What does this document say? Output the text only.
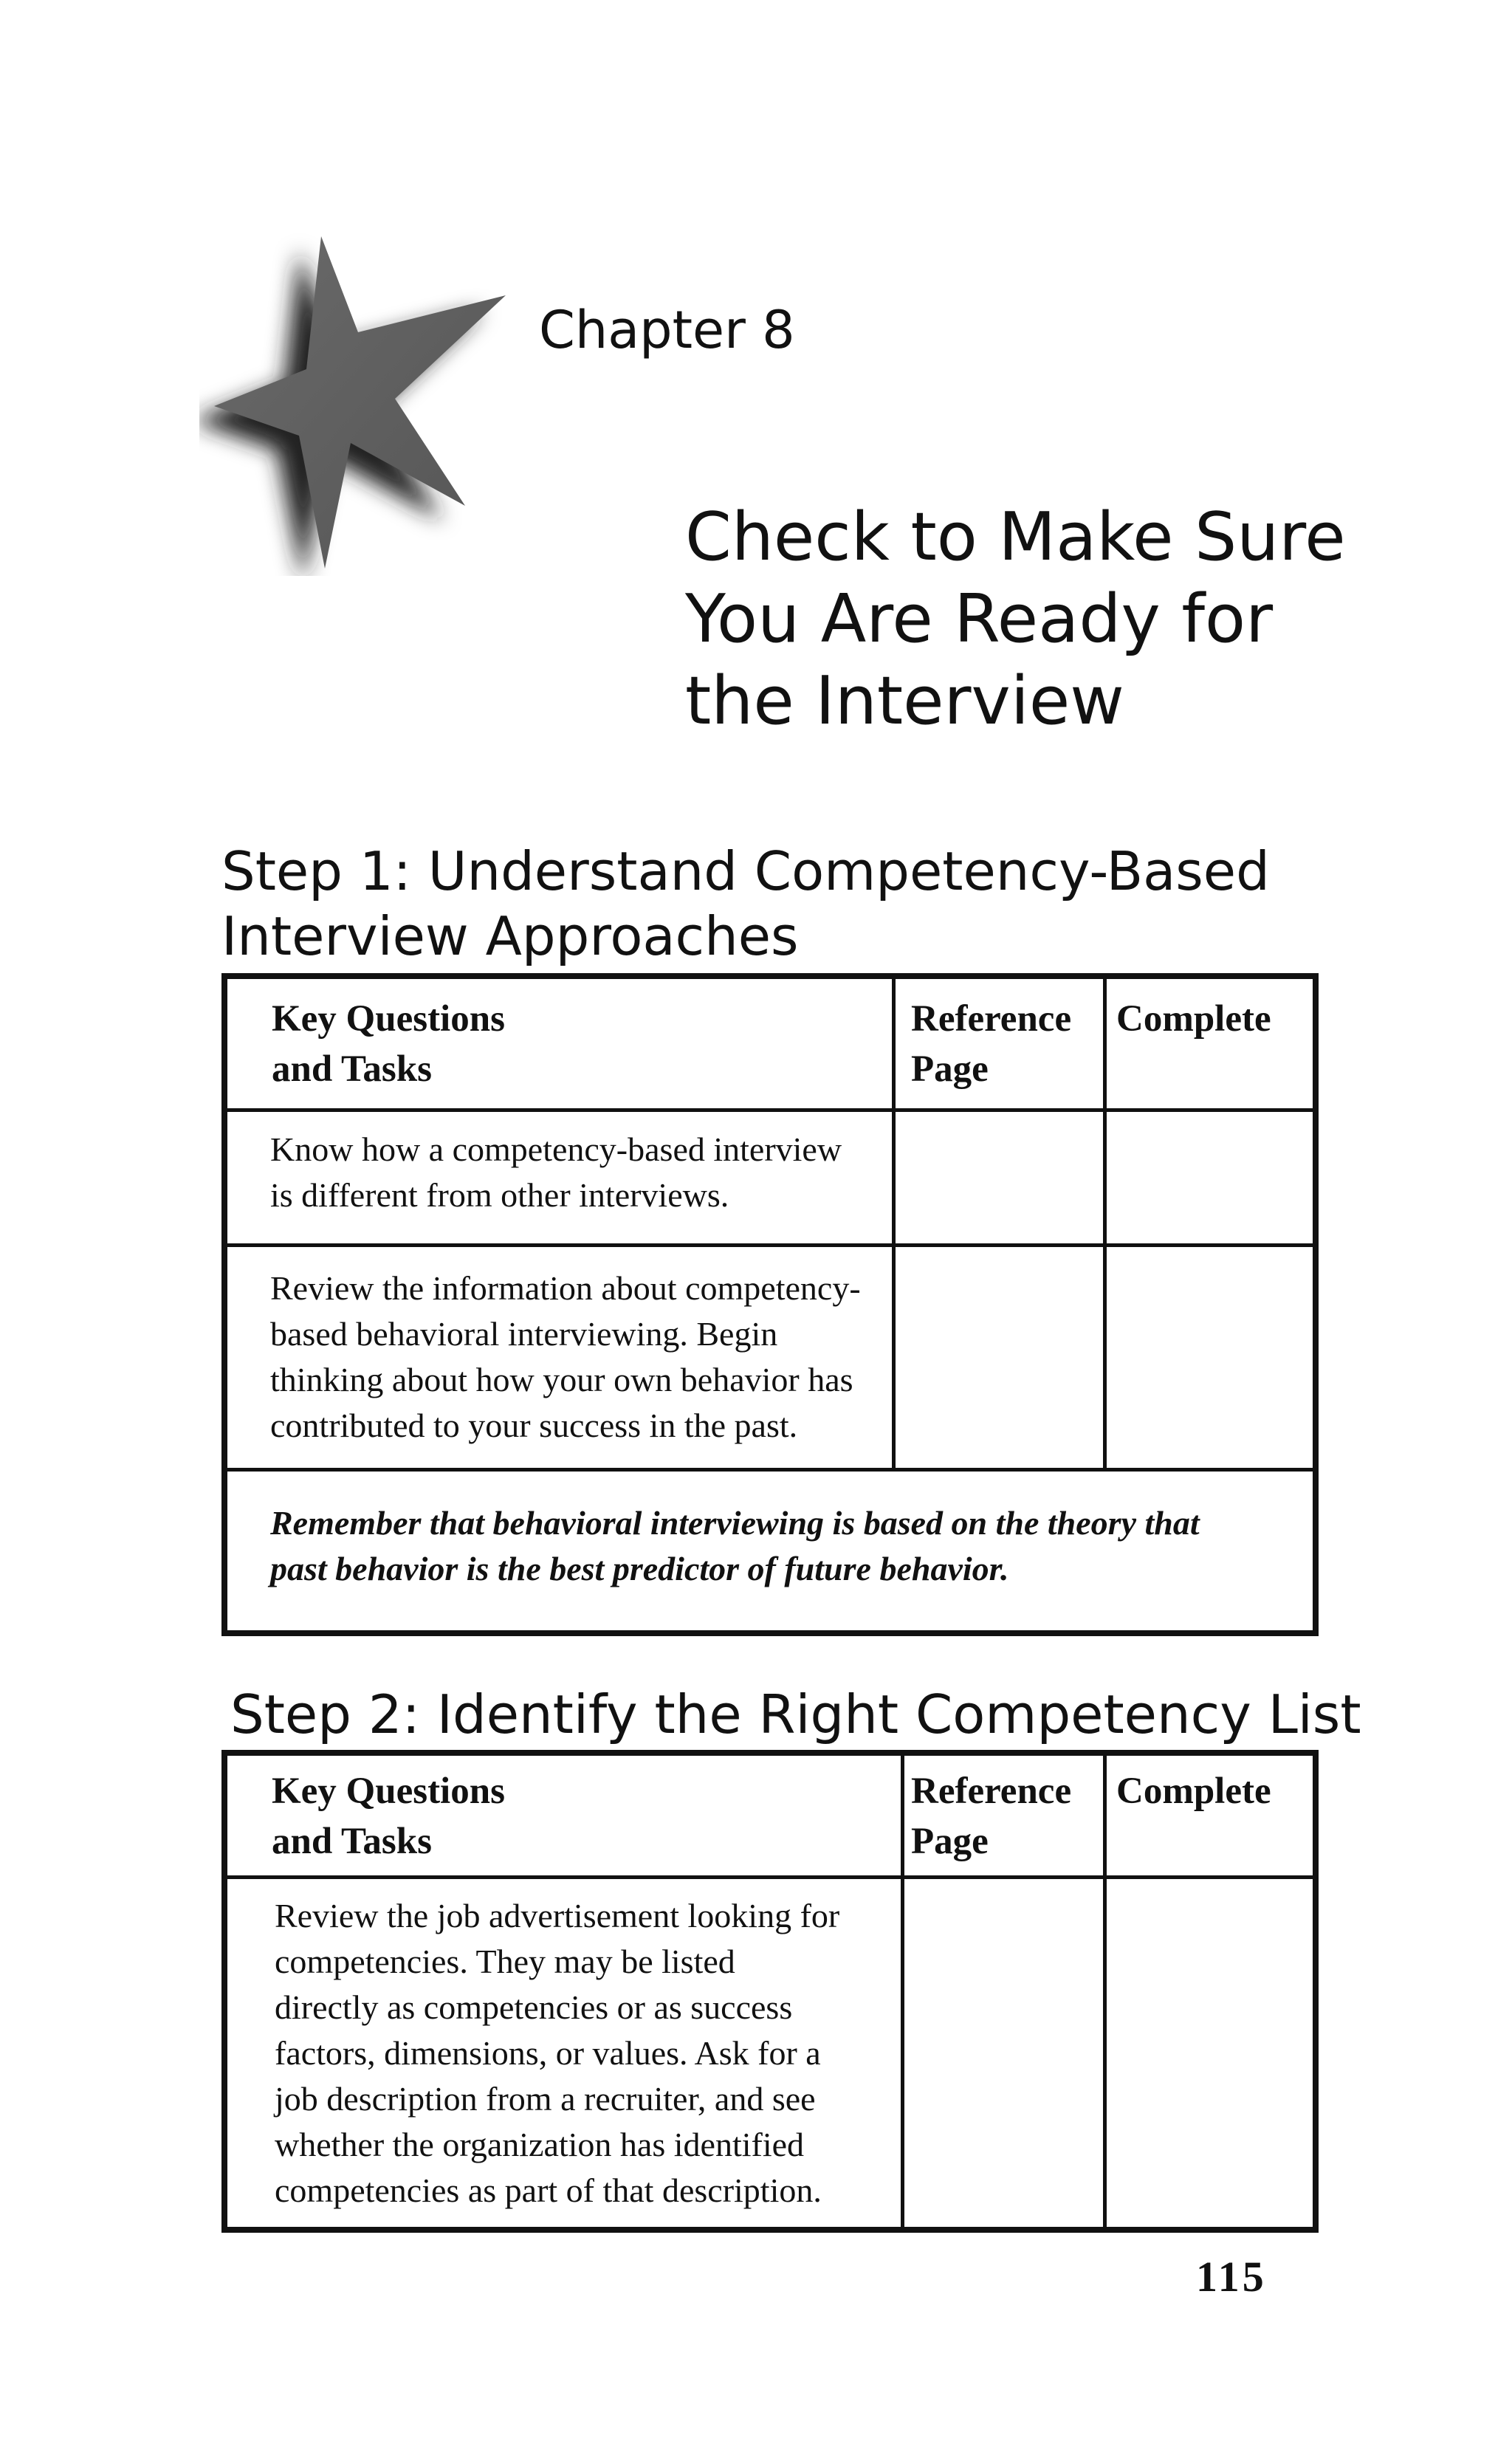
Chapter 8
Check to Make Sure
You Are Ready for
the Interview
Step 1: Understand Competency-Based
Interview Approaches
Key Questions
and Tasks
Reference
Page
Complete
Know how a competency-based interview
is different from other interviews.
Review the information about competency-
based behavioral interviewing. Begin
thinking about how your own behavior has
contributed to your success in the past.
Remember that behavioral interviewing is based on the theory that
past behavior is the best predictor of future behavior.
Step 2: Identify the Right Competency List
Key Questions
and Tasks
Reference
Page
Complete
Review the job advertisement looking for
competencies. They may be listed
directly as competencies or as success
factors, dimensions, or values. Ask for a
job description from a recruiter, and see
whether the organization has identified
competencies as part of that description.
115
